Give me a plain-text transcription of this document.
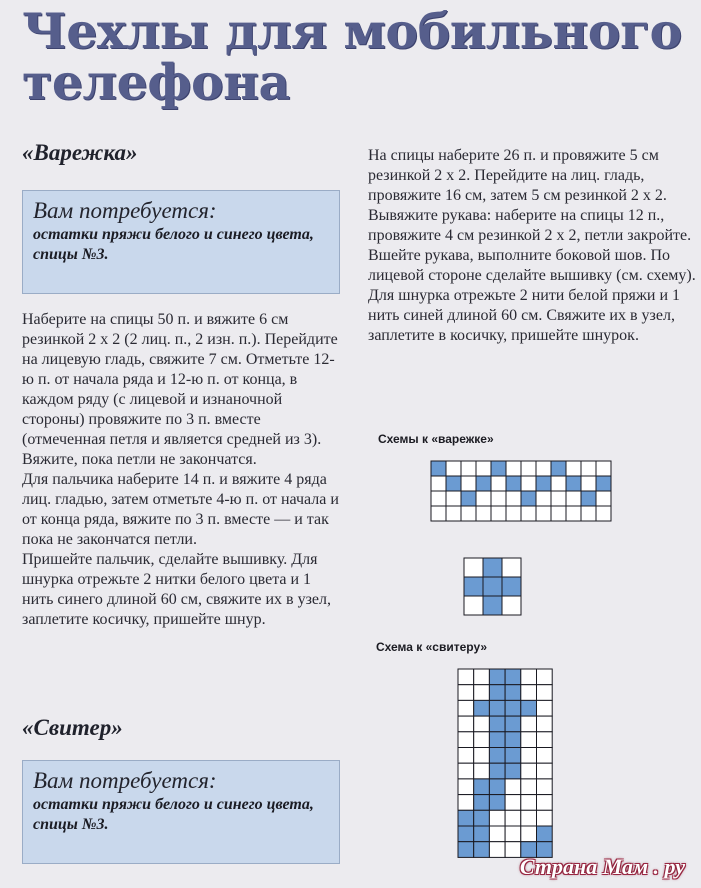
Чехлы для мобильного
телефона
«Варежка»
Вам потребуется:
остатки пряжи белого и синего цвета, спицы №3.

Наберите на спицы 50 п. и вяжите 6 см резинкой 2 х 2 (2 лиц. п., 2 изн. п.). Перейдите на лицевую гладь, свяжите 7 см. Отметьте 12-ю п. от начала ряда и 12-ю п. от конца, в каждом ряду (с лицевой и изнаночной стороны) провяжите по 3 п. вместе (отмеченная петля и является средней из 3). Вяжите, пока петли не закончатся.

Для пальчика наберите 14 п. и вяжите 4 ряда лиц. гладью, затем отметьте 4-ю п. от начала и от конца ряда, вяжите по 3 п. вместе — и так пока не закончатся петли.

Пришейте пальчик, сделайте вышивку. Для шнурка отрежьте 2 нитки белого цвета и 1 нить синего длиной 60 см, свяжите их в узел, заплетите косичку, пришейте шнур.

«Свитер»
Вам потребуется:
остатки пряжи белого и синего цвета, спицы №3.

На спицы наберите 26 п. и провяжите 5 см резинкой 2 х 2. Перейдите на лиц. гладь, провяжите 16 см, затем 5 см резинкой 2 х 2.

Вывяжите рукава: наберите на спицы 12 п., провяжите 4 см резинкой 2 х 2, петли закройте. Вшейте рукава, выполните боковой шов. По лицевой стороне сделайте вышивку (см. схему).

Для шнурка отрежьте 2 нити белой пряжи и 1 нить синей длиной 60 см. Свяжите их в узел, заплетите в косичку, пришейте шнурок.

Схемы к «варежке»
Схема к «свитеру»
Страна Мам . ру
